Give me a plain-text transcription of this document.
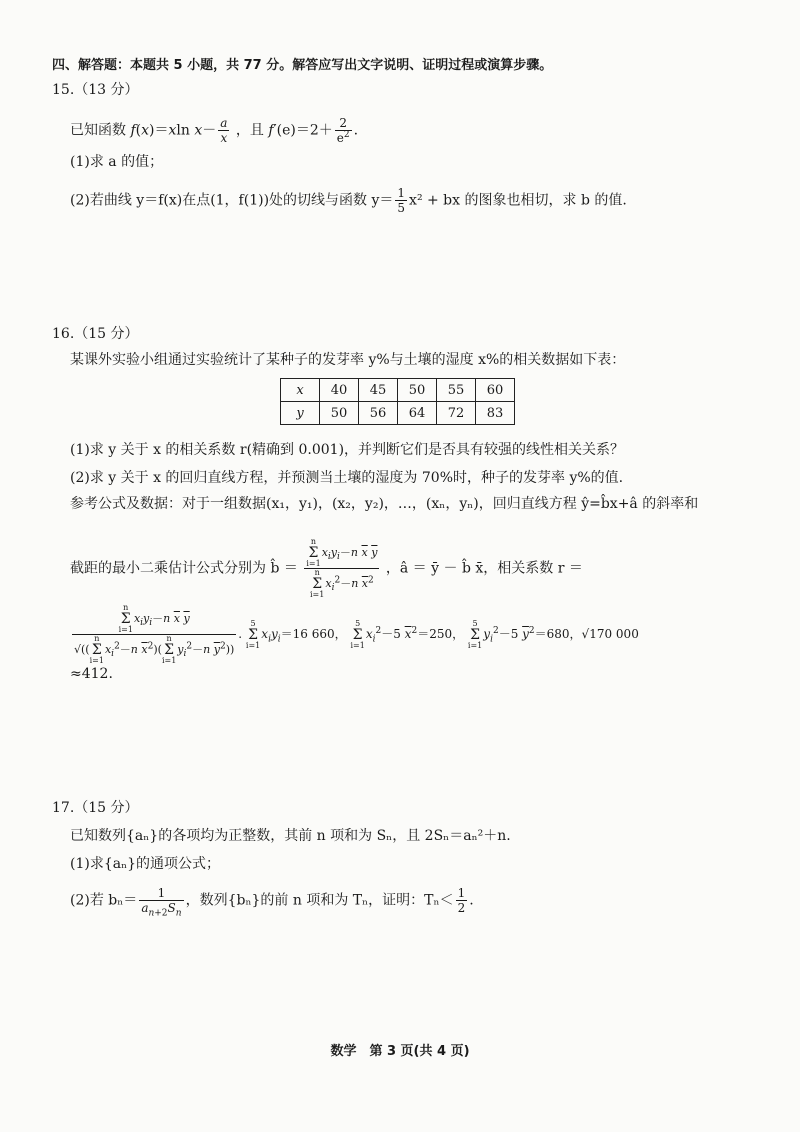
四、解答题：本题共 5 小题，共 77 分。解答应写出文字说明、证明过程或演算步骤。
15.（13 分）
已知函数 f(x)＝xln $x- \frac{a}{x}$ ，且 $f'(e)=2+ \frac{2}{e^2}$ .
(1)求 a 的值；
(2)若曲线 y＝f(x)在点(1，f(1))处的切线与函数 $y= \frac{1}{5} x^2$ + bx 的图象也相切，求 b 的值.
16.（15 分）
某课外实验小组通过实验统计了某种子的发芽率 y%与土壤的湿度 x%的相关数据如下表：
x	40	45	50	55	60
y	50	56	64	72	83
(1)求 y 关于 x 的相关系数 r(精确到 0.001)，并判断它们是否具有较强的线性相关关系？
(2)求 y 关于 x 的回归直线方程，并预测当土壤的湿度为 70%时，种子的发芽率 y%的值.
参考公式及数据：对于一组数据(x₁，y₁)，(x₂，y₂)，…，(xₙ，yₙ)，回归直线方程 ŷ=b̂x+â 的斜率和
截距的最小二乘估计公式分别为 b̂ ＝ n
Σ
$i=1x_iy_i-n$ $\overline{x}$ $\overline{y}$
n
Σ
$i=1x_i^2-n$ $\overline{x}^2$ ，â ＝ ȳ － b̂ x̄，相关系数 r ＝
n
Σ
$i=1x_iy_i-n$ $\overline{x}$ $\overline{y}$
√((n
Σ
$i=1x_i^2-n$ $\overline{x}^2)(n$
Σ
$i=1y_i^2-n$ $\overline{y}^2$)) . 5
Σ
$i=1x_iy_i=16$ 660， 5
Σ
$i=1x_i^2-5$ $\overline{x}^2=250$， 5
Σ
$i=1y_i^2-5$ $\overline{y}^2=680$，√170 000
≈412.
17.（15 分）
已知数列{aₙ}的各项均为正整数，其前 n 项和为 Sₙ，且 2Sₙ＝aₙ²＋n.
(1)求{aₙ}的通项公式；
(2)若 $b_n= \frac{1}{a_{n+2}S_n}$ ，数列{bₙ}的前 n 项和为 Tₙ，证明：$T_n< \frac{1}{2}$ .
数学　第 3 页(共 4 页)
